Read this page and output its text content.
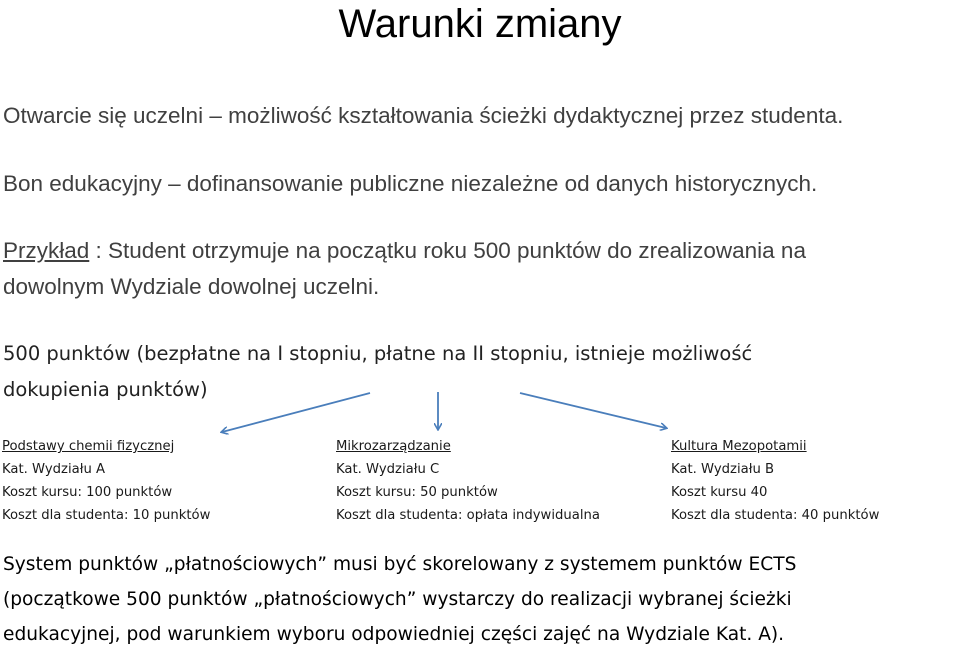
Warunki zmiany
Otwarcie się uczelni – możliwość kształtowania ścieżki dydaktycznej przez studenta.
Bon edukacyjny – dofinansowanie publiczne niezależne od danych historycznych.
Przykład : Student otrzymuje na początku roku 500 punktów do zrealizowania na
dowolnym Wydziale dowolnej uczelni.
500 punktów (bezpłatne na I stopniu, płatne na II stopniu, istnieje możliwość
dokupienia punktów)
Podstawy chemii fizycznej
Kat. Wydziału A
Koszt kursu: 100 punktów
Koszt dla studenta: 10 punktów
Mikrozarządzanie
Kat. Wydziału C
Koszt kursu: 50 punktów
Koszt dla studenta: opłata indywidualna
Kultura Mezopotamii
Kat. Wydziału B
Koszt kursu 40
Koszt dla studenta: 40 punktów
System punktów „płatnościowych” musi być skorelowany z systemem punktów ECTS
(początkowe 500 punktów „płatnościowych” wystarczy do realizacji wybranej ścieżki
edukacyjnej, pod warunkiem wyboru odpowiedniej części zajęć na Wydziale Kat. A).
